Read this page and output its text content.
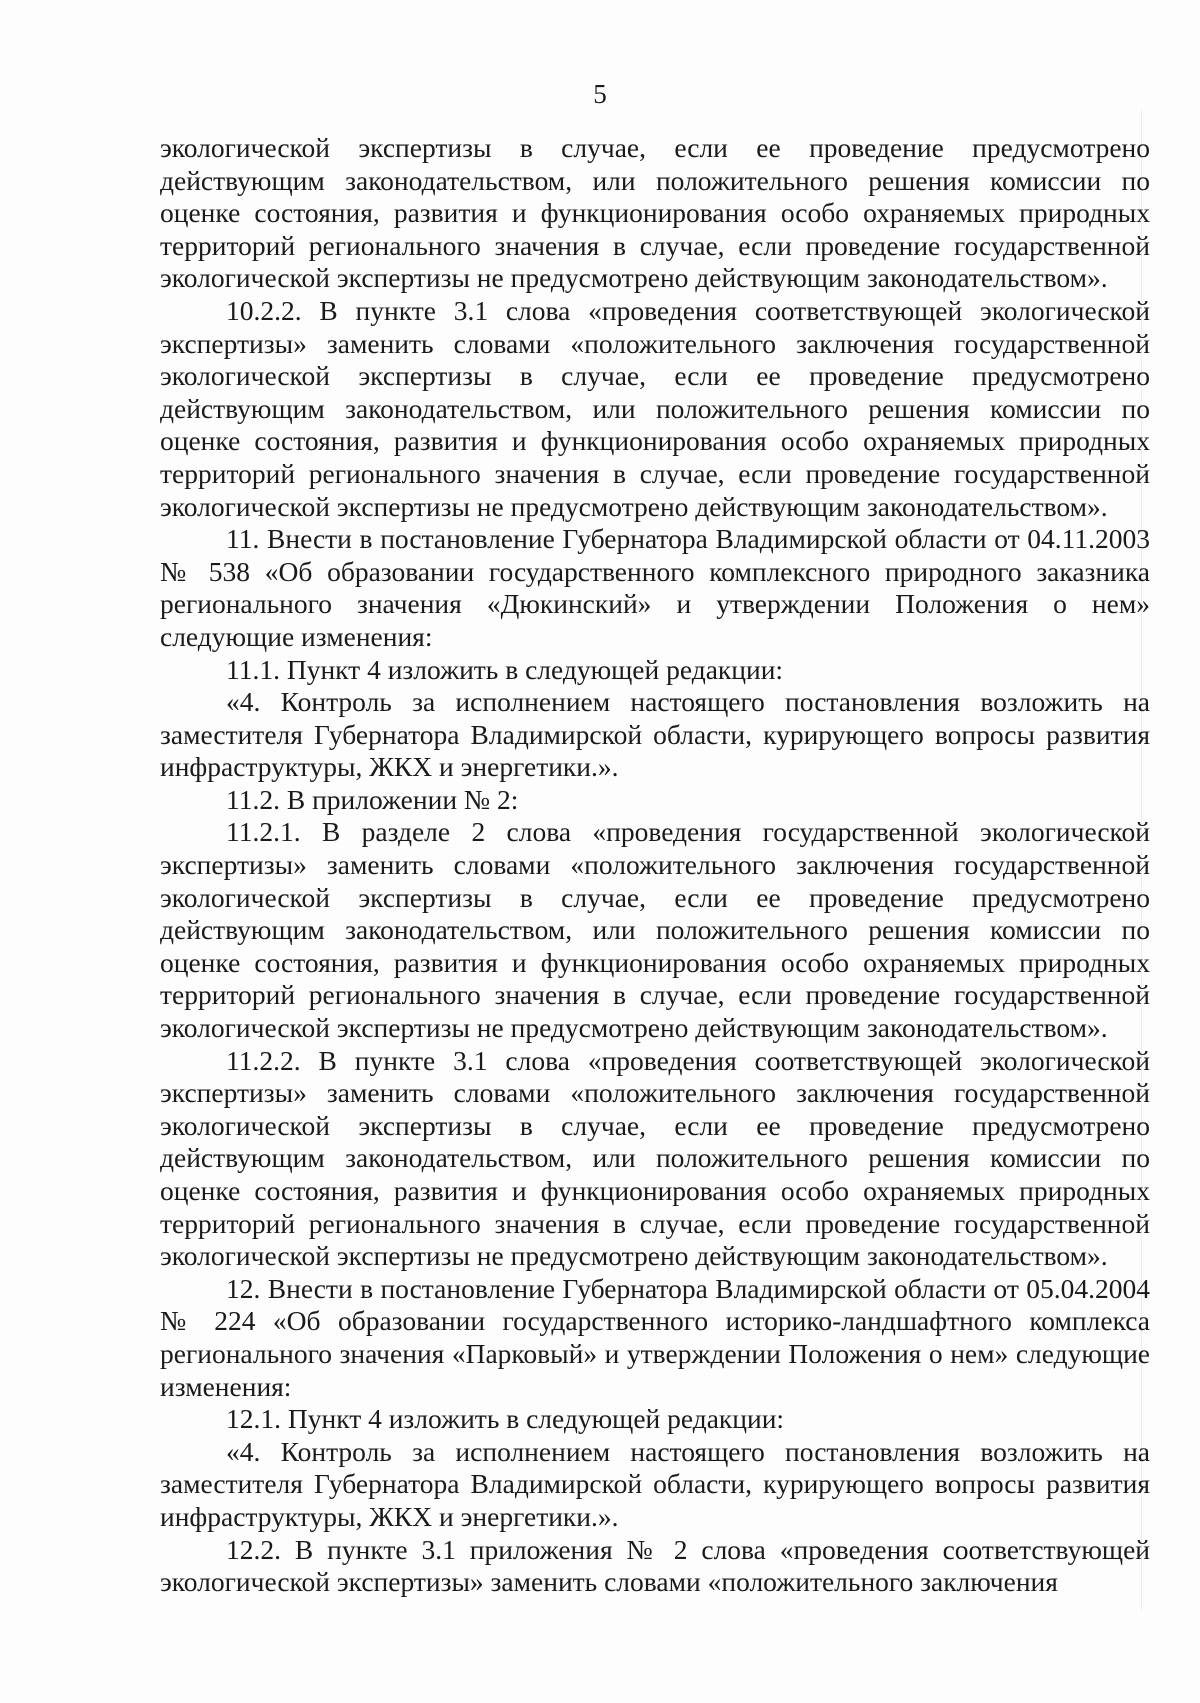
5

экологической экспертизы в случае, если ее проведение предусмотрено действующим законодательством, или положительного решения комиссии по оценке состояния, развития и функционирования особо охраняемых природных территорий регионального значения в случае, если проведение государственной экологической экспертизы не предусмотрено действующим законодательством».

10.2.2. В пункте 3.1 слова «проведения соответствующей экологической экспертизы» заменить словами «положительного заключения государственной экологической экспертизы в случае, если ее проведение предусмотрено действующим законодательством, или положительного решения комиссии по оценке состояния, развития и функционирования особо охраняемых природных территорий регионального значения в случае, если проведение государственной экологической экспертизы не предусмотрено действующим законодательством».

11. Внести в постановление Губернатора Владимирской области от 04.11.2003 № 538 «Об образовании государственного комплексного природного заказника регионального значения «Дюкинский» и утверждении Положения о нем» следующие изменения:

11.1. Пункт 4 изложить в следующей редакции:

«4. Контроль за исполнением настоящего постановления возложить на заместителя Губернатора Владимирской области, курирующего вопросы развития инфраструктуры, ЖКХ и энергетики.».

11.2. В приложении № 2:

11.2.1. В разделе 2 слова «проведения государственной экологической экспертизы» заменить словами «положительного заключения государственной экологической экспертизы в случае, если ее проведение предусмотрено действующим законодательством, или положительного решения комиссии по оценке состояния, развития и функционирования особо охраняемых природных территорий регионального значения в случае, если проведение государственной экологической экспертизы не предусмотрено действующим законодательством».

11.2.2. В пункте 3.1 слова «проведения соответствующей экологической экспертизы» заменить словами «положительного заключения государственной экологической экспертизы в случае, если ее проведение предусмотрено действующим законодательством, или положительного решения комиссии по оценке состояния, развития и функционирования особо охраняемых природных территорий регионального значения в случае, если проведение государственной экологической экспертизы не предусмотрено действующим законодательством».

12. Внести в постановление Губернатора Владимирской области от 05.04.2004 № 224 «Об образовании государственного историко-ландшафтного комплекса регионального значения «Парковый» и утверждении Положения о нем» следующие изменения:

12.1. Пункт 4 изложить в следующей редакции:

«4. Контроль за исполнением настоящего постановления возложить на заместителя Губернатора Владимирской области, курирующего вопросы развития инфраструктуры, ЖКХ и энергетики.».

12.2. В пункте 3.1 приложения № 2 слова «проведения соответствующей экологической экспертизы» заменить словами «положительного заключения
